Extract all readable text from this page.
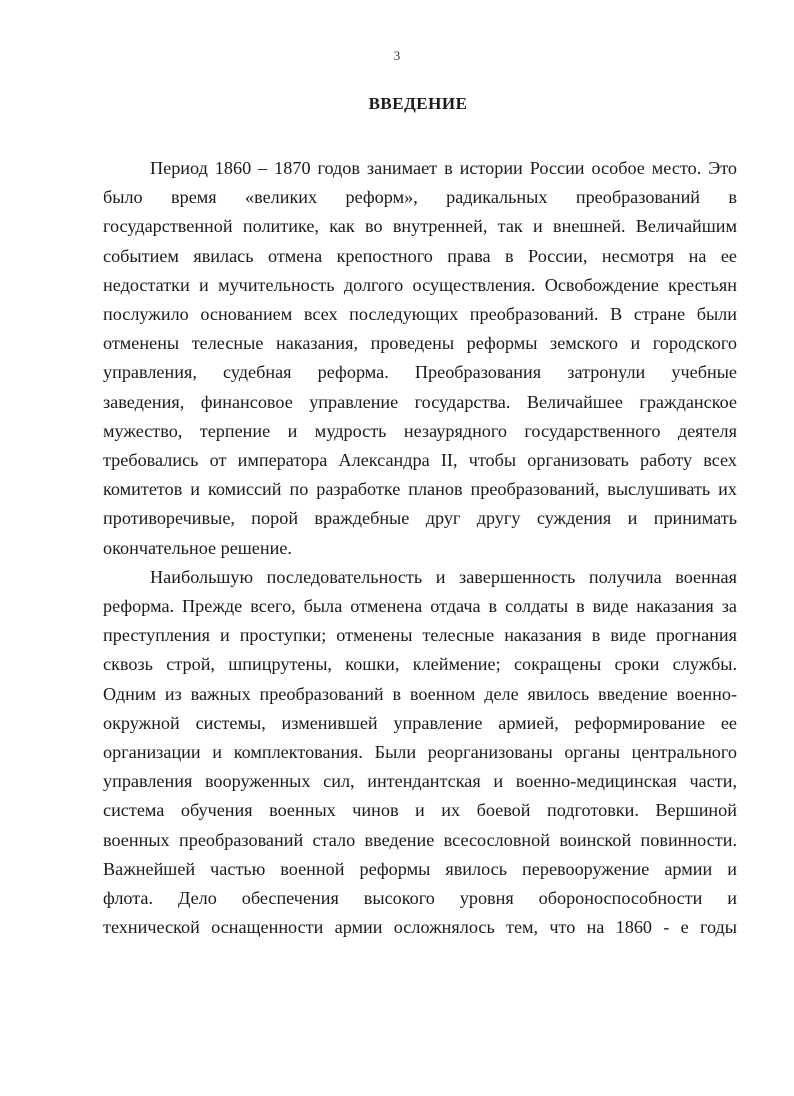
3
ВВЕДЕНИЕ

Период 1860 – 1870 годов занимает в истории России особое место. Это
было время «великих реформ», радикальных преобразований в
государственной политике, как во внутренней, так и внешней. Величайшим
событием явилась отмена крепостного права в России, несмотря на ее
недостатки и мучительность долгого осуществления. Освобождение крестьян
послужило основанием всех последующих преобразований. В стране были
отменены телесные наказания, проведены реформы земского и городского
управления, судебная реформа. Преобразования затронули учебные
заведения, финансовое управление государства. Величайшее гражданское
мужество, терпение и мудрость незаурядного государственного деятеля
требовались от императора Александра II, чтобы организовать работу всех
комитетов и комиссий по разработке планов преобразований, выслушивать их
противоречивые, порой враждебные друг другу суждения и принимать
окончательное решение.

Наибольшую последовательность и завершенность получила военная
реформа. Прежде всего, была отменена отдача в солдаты в виде наказания за
преступления и проступки; отменены телесные наказания в виде прогнания
сквозь строй, шпицрутены, кошки, клеймение; сокращены сроки службы.
Одним из важных преобразований в военном деле явилось введение военно-
окружной системы, изменившей управление армией, реформирование ее
организации и комплектования. Были реорганизованы органы центрального
управления вооруженных сил, интендантская и военно-медицинская части,
система обучения военных чинов и их боевой подготовки. Вершиной
военных преобразований стало введение всесословной воинской повинности.
Важнейшей частью военной реформы явилось перевооружение армии и
флота. Дело обеспечения высокого уровня обороноспособности и
технической оснащенности армии осложнялось тем, что на 1860 - е годы
